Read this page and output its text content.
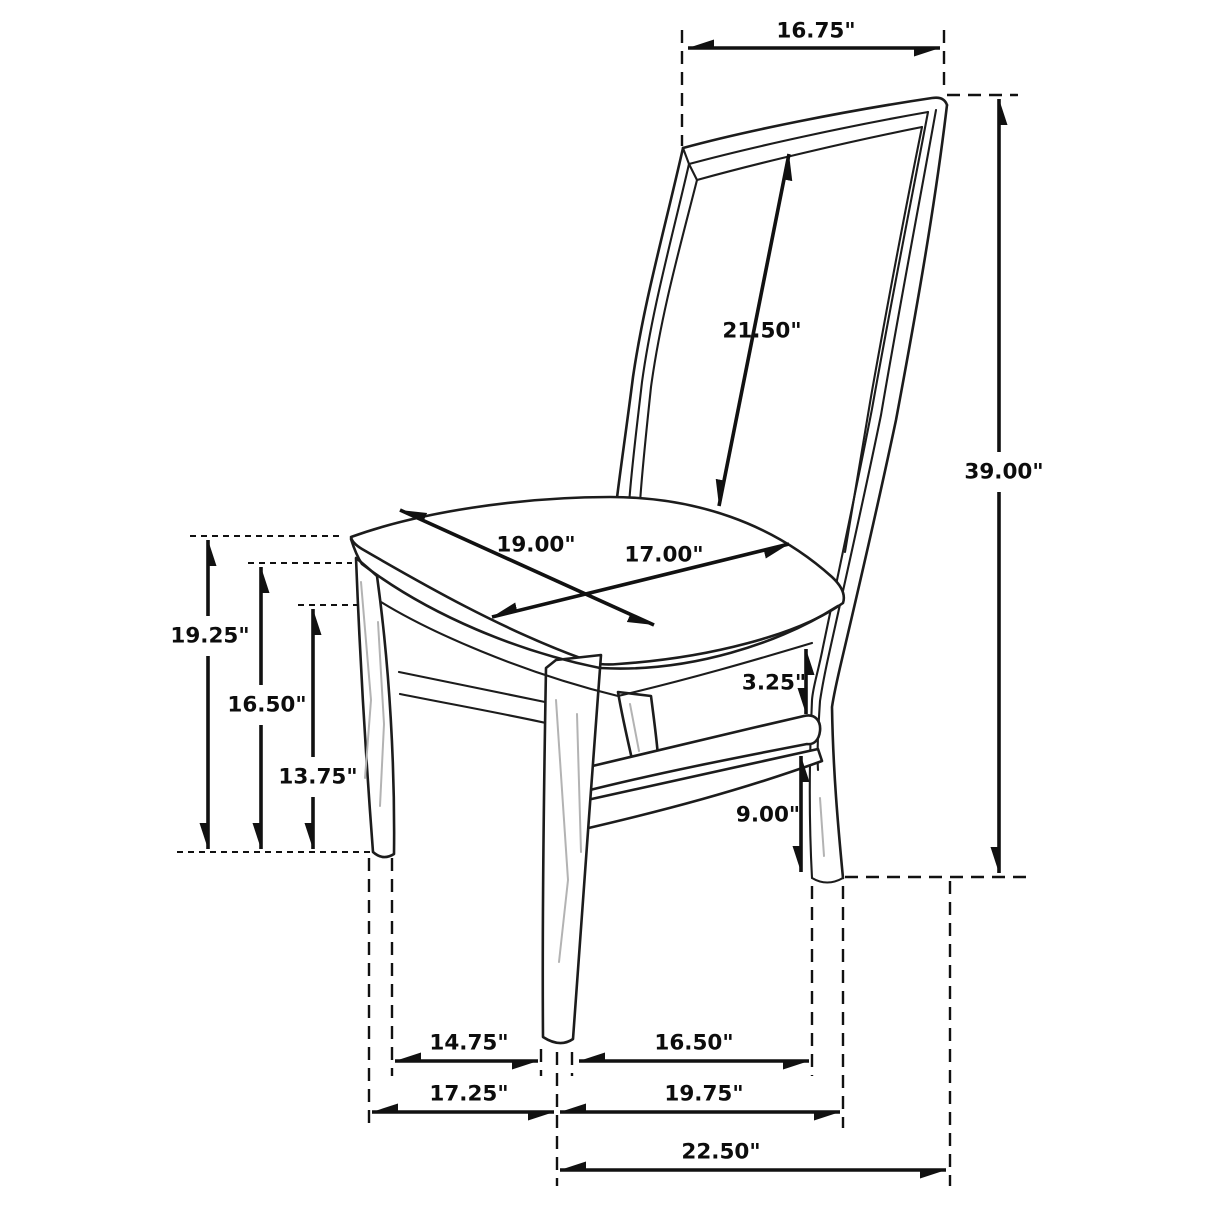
16.75"
39.00"
21.50"
19.00" 17.00"
19.25"
16.50"
13.75"
3.25"
9.00"
14.75"	16.50"
17.25"	19.75"
22.50"
